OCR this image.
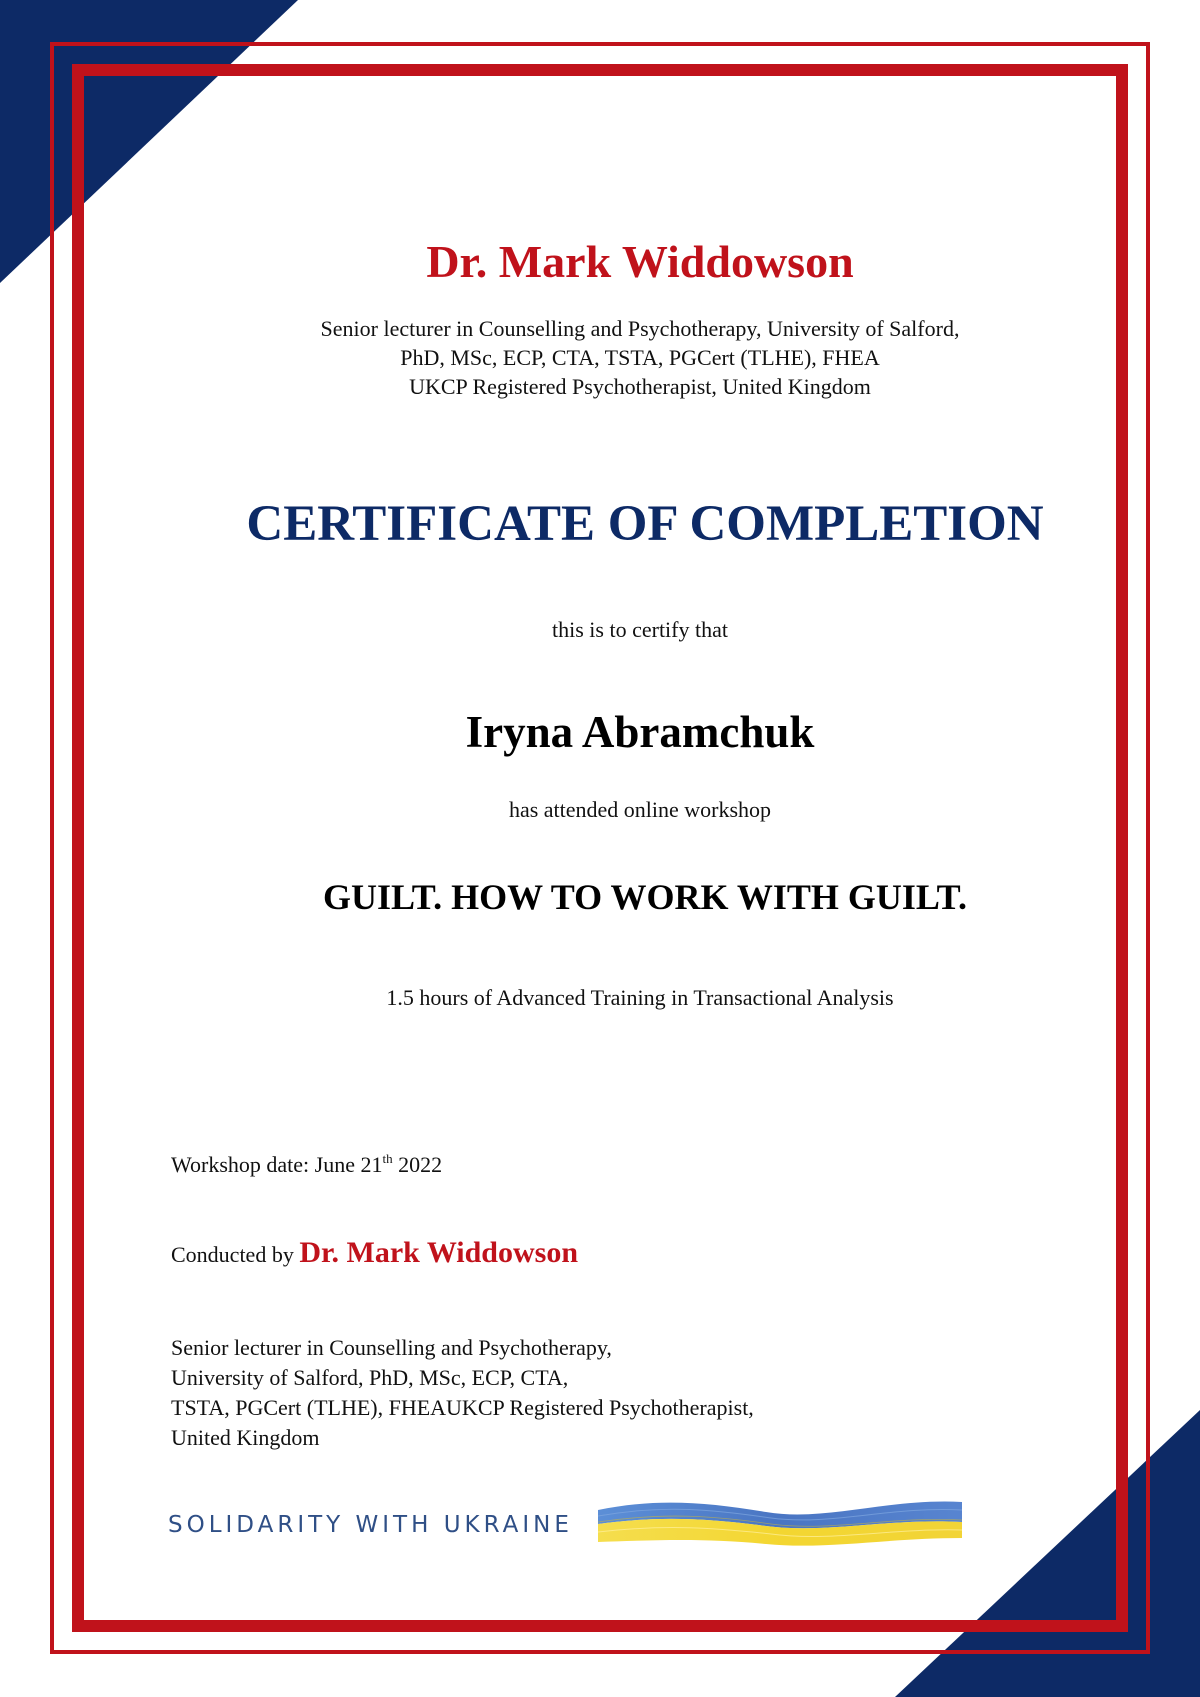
Dr. Mark Widdowson
Senior lecturer in Counselling and Psychotherapy, University of Salford,
PhD, MSc, ECP, CTA, TSTA, PGCert (TLHE), FHEA
UKCP Registered Psychotherapist, United Kingdom
CERTIFICATE OF COMPLETION
this is to certify that
Iryna Abramchuk
has attended online workshop
GUILT. HOW TO WORK WITH GUILT.
1.5 hours of Advanced Training in Transactional Analysis
Workshop date: June 21th 2022
Conducted by Dr. Mark Widdowson
Senior lecturer in Counselling and Psychotherapy,
University of Salford, PhD, MSc, ECP, CTA,
TSTA, PGCert (TLHE), FHEAUKCP Registered Psychotherapist,
United Kingdom
SOLIDARITY WITH UKRAINE
